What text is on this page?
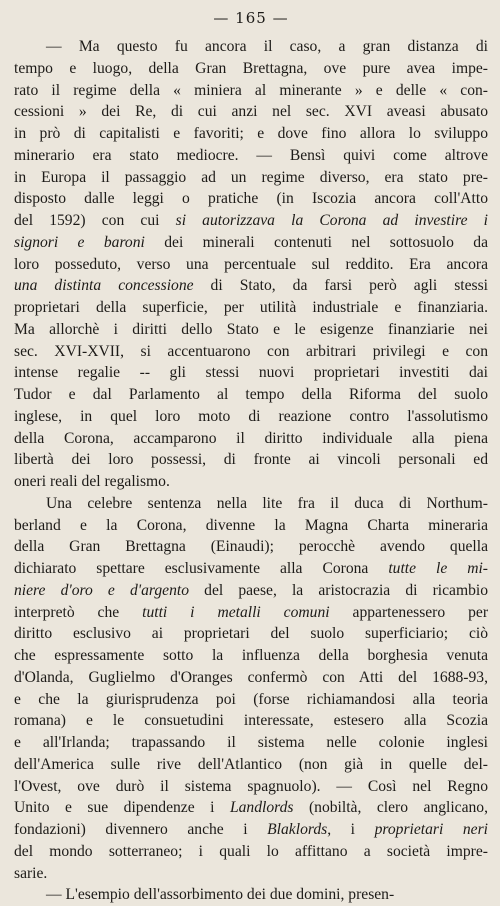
— 165 —
— Ma questo fu ancora il caso, a gran distanza di
tempo e luogo, della Gran Brettagna, ove pure avea impe-
rato il regime della « miniera al minerante » e delle « con-
cessioni » dei Re, di cui anzi nel sec. XVI aveasi abusato
in prò di capitalisti e favoriti; e dove fino allora lo sviluppo
minerario era stato mediocre. — Bensì quivi come altrove
in Europa il passaggio ad un regime diverso, era stato pre-
disposto dalle leggi o pratiche (in Iscozia ancora coll'Atto
del 1592) con cui si autorizzava la Corona ad investire i
signori e baroni dei minerali contenuti nel sottosuolo da
loro posseduto, verso una percentuale sul reddito. Era ancora
una distinta concessione di Stato, da farsi però agli stessi
proprietari della superficie, per utilità industriale e finanziaria.
Ma allorchè i diritti dello Stato e le esigenze finanziarie nei
sec. XVI-XVII, si accentuarono con arbitrari privilegi e con
intense regalie -- gli stessi nuovi proprietari investiti dai
Tudor e dal Parlamento al tempo della Riforma del suolo
inglese, in quel loro moto di reazione contro l'assolutismo
della Corona, accamparono il diritto individuale alla piena
libertà dei loro possessi, di fronte ai vincoli personali ed
oneri reali del regalismo.
Una celebre sentenza nella lite fra il duca di Northum-
berland e la Corona, divenne la Magna Charta mineraria
della Gran Brettagna (Einaudi); perocchè avendo quella
dichiarato spettare esclusivamente alla Corona tutte le mi-
niere d'oro e d'argento del paese, la aristocrazia di ricambio
interpretò che tutti i metalli comuni appartenessero per
diritto esclusivo ai proprietari del suolo superficiario; ciò
che espressamente sotto la influenza della borghesia venuta
d'Olanda, Guglielmo d'Oranges confermò con Atti del 1688-93,
e che la giurisprudenza poi (forse richiamandosi alla teoria
romana) e le consuetudini interessate, estesero alla Scozia
e all'Irlanda; trapassando il sistema nelle colonie inglesi
dell'America sulle rive dell'Atlantico (non già in quelle del-
l'Ovest, ove durò il sistema spagnuolo). — Così nel Regno
Unito e sue dipendenze i Landlords (nobiltà, clero anglicano,
fondazioni) divennero anche i Blaklords, i proprietari neri
del mondo sotterraneo; i quali lo affittano a società impre-
sarie.
— L'esempio dell'assorbimento dei due domini, presen-
